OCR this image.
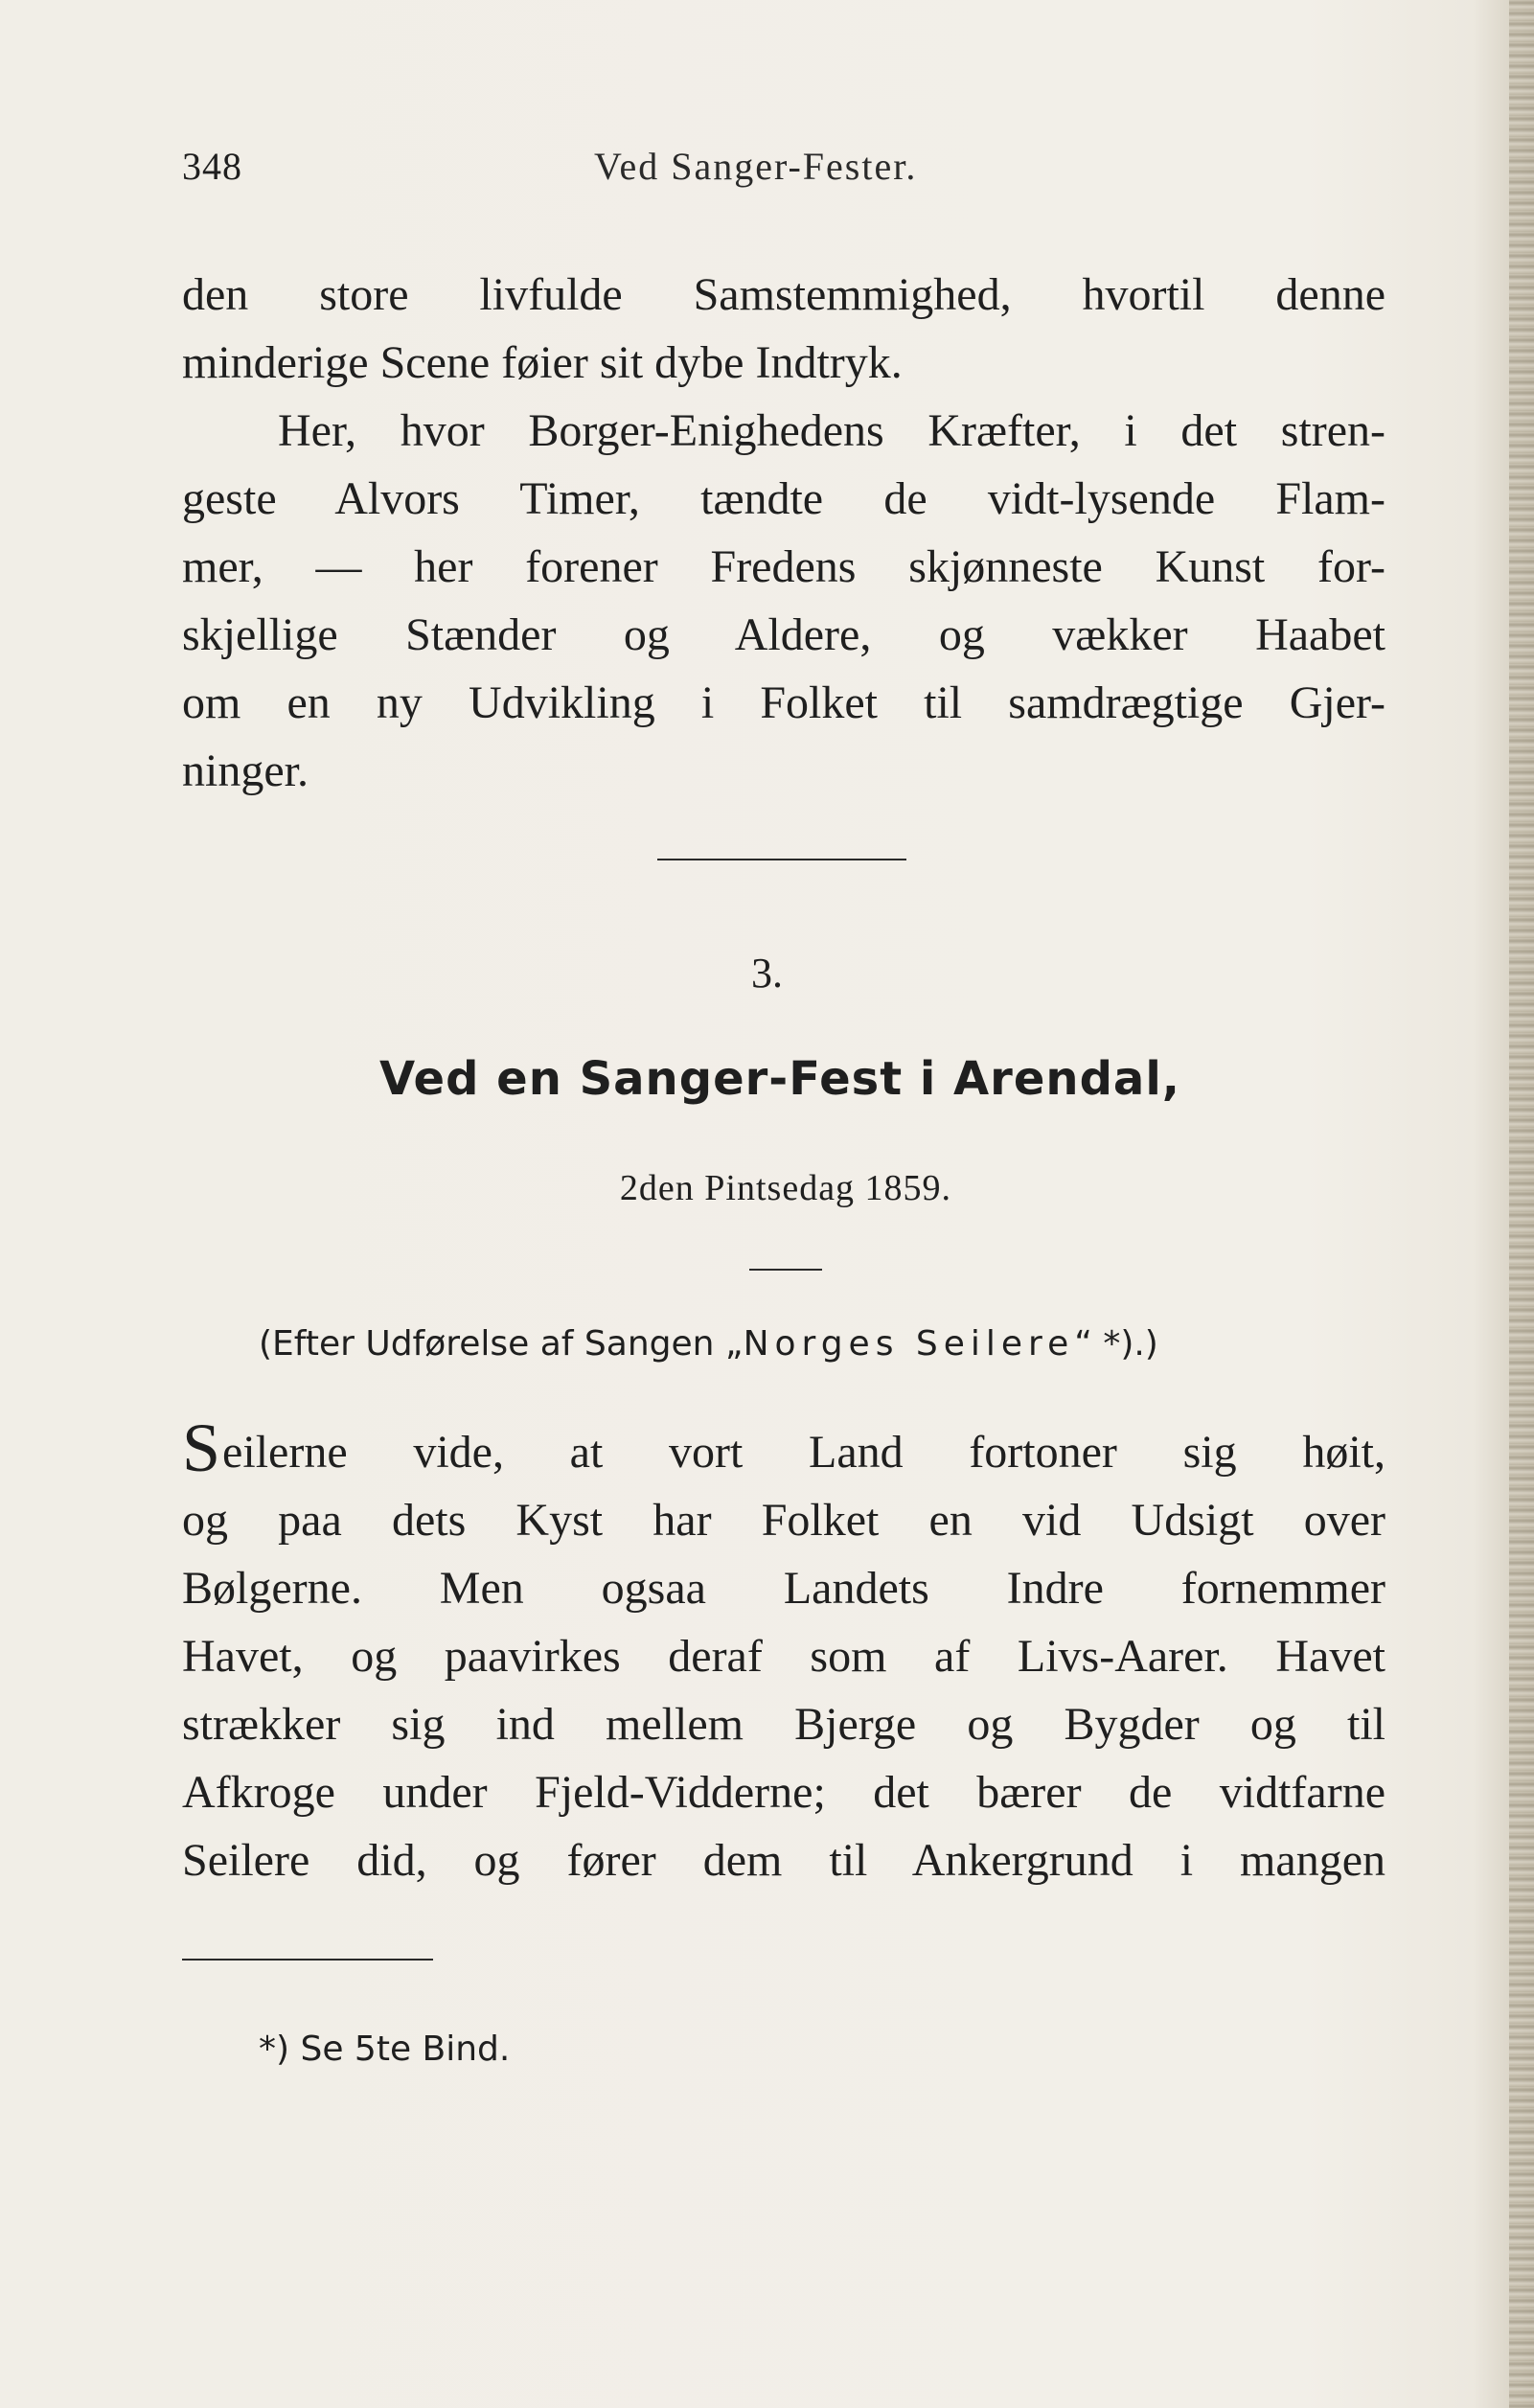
348	Ved Sanger-Fester.
den store livfulde Samstemmighed, hvortil denne
minderige Scene føier sit dybe Indtryk.
Her, hvor Borger-Enighedens Kræfter, i det stren-
geste Alvors Timer, tændte de vidt-lysende Flam-
mer, — her forener Fredens skjønneste Kunst for-
skjellige Stænder og Aldere, og vækker Haabet
om en ny Udvikling i Folket til samdrægtige Gjer-
ninger.
3.
Ved en Sanger-Fest i Arendal,
2den Pintsedag 1859.
(Efter Udførelse af Sangen „Norges Seilere“ *).)
Seilerne vide, at vort Land fortoner sig høit,
og paa dets Kyst har Folket en vid Udsigt over
Bølgerne. Men ogsaa Landets Indre fornemmer
Havet, og paavirkes deraf som af Livs-Aarer. Havet
strækker sig ind mellem Bjerge og Bygder og til
Afkroge under Fjeld-Vidderne; det bærer de vidtfarne
Seilere did, og fører dem til Ankergrund i mangen
*) Se 5te Bind.
